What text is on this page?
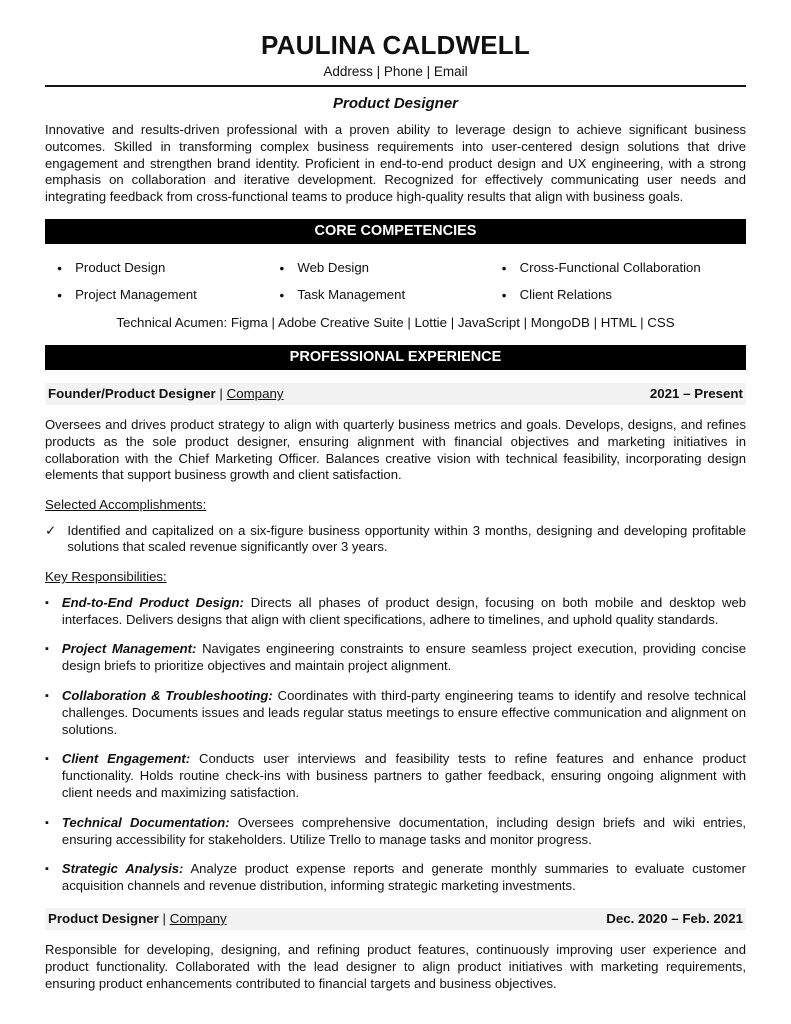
PAULINA CALDWELL
Address | Phone | Email
Product Designer

Innovative and results-driven professional with a proven ability to leverage design to achieve significant business outcomes. Skilled in transforming complex business requirements into user-centered design solutions that drive engagement and strengthen brand identity. Proficient in end-to-end product design and UX engineering, with a strong emphasis on collaboration and iterative development. Recognized for effectively communicating user needs and integrating feedback from cross-functional teams to produce high-quality results that align with business goals.

CORE COMPETENCIES
● Product Design	● Web Design	● Cross-Functional Collaboration
● Project Management	● Task Management	● Client Relations
Technical Acumen: Figma | Adobe Creative Suite | Lottie | JavaScript | MongoDB | HTML | CSS
PROFESSIONAL EXPERIENCE
Founder/Product Designer | Company	2021 – Present

Oversees and drives product strategy to align with quarterly business metrics and goals. Develops, designs, and refines products as the sole product designer, ensuring alignment with financial objectives and marketing initiatives in collaboration with the Chief Marketing Officer. Balances creative vision with technical feasibility, incorporating design elements that support business growth and client satisfaction.

Selected Accomplishments:
✓ Identified and capitalized on a six-figure business opportunity within 3 months, designing and developing profitable solutions that scaled revenue significantly over 3 years.
Key Responsibilities:
▪ End-to-End Product Design: Directs all phases of product design, focusing on both mobile and desktop web interfaces. Delivers designs that align with client specifications, adhere to timelines, and uphold quality standards.
▪ Project Management: Navigates engineering constraints to ensure seamless project execution, providing concise design briefs to prioritize objectives and maintain project alignment.
▪ Collaboration & Troubleshooting: Coordinates with third-party engineering teams to identify and resolve technical challenges. Documents issues and leads regular status meetings to ensure effective communication and alignment on solutions.
▪ Client Engagement: Conducts user interviews and feasibility tests to refine features and enhance product functionality. Holds routine check-ins with business partners to gather feedback, ensuring ongoing alignment with client needs and maximizing satisfaction.
▪ Technical Documentation: Oversees comprehensive documentation, including design briefs and wiki entries, ensuring accessibility for stakeholders. Utilize Trello to manage tasks and monitor progress.
▪ Strategic Analysis: Analyze product expense reports and generate monthly summaries to evaluate customer acquisition channels and revenue distribution, informing strategic marketing investments.
Product Designer | Company	Dec. 2020 – Feb. 2021

Responsible for developing, designing, and refining product features, continuously improving user experience and product functionality. Collaborated with the lead designer to align product initiatives with marketing requirements, ensuring product enhancements contributed to financial targets and business objectives.
